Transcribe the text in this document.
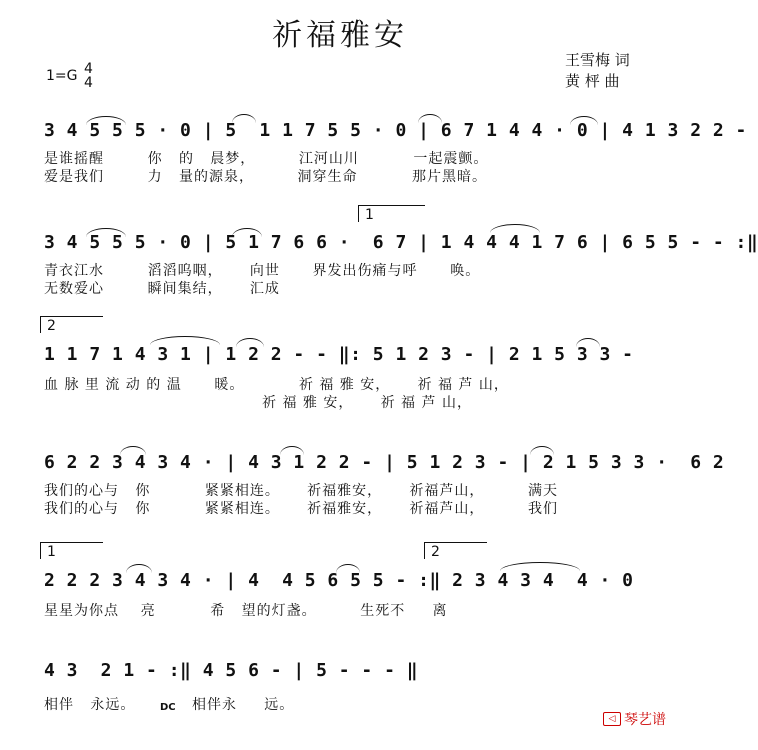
祈福雅安
1=G 4
4
王雪梅 词
黄 枰 曲
3 4 5 5 5 · 0 | 5  1 1 7 5 5 · 0 | 6 7 1 4 4 · 0 | 4 1 3 2 2 -
是谁摇醒        你   的   晨梦，        江河山川          一起震颤。
爱是我们        力   量的源泉，        洞穿生命          那片黑暗。
1
3 4 5 5 5 · 0 | 5 1 7 6 6 ·  6 7 | 1 4 4 4 1 7 6 | 6 5 5 - - :‖
青衣江水        滔滔呜咽，     向世      界发出伤痛与呼      唤。
无数爱心        瞬间集结，     汇成
2
1 1 7 1 4 3 1 | 1 2 2 - - ‖: 5 1 2 3 - | 2 1 5 3 3 -
血 脉 里 流 动 的 温      暖。          祈 福 雅 安，     祈 福 芦 山，
祈 福 雅 安，     祈 福 芦 山，
6 2 2 3 4 3 4 · | 4 3 1 2 2 - | 5 1 2 3 - | 2 1 5 3 3 ·  6 2
我们的心与   你          紧紧相连。     祈福雅安，     祈福芦山，        满天
我们的心与   你          紧紧相连。     祈福雅安，     祈福芦山，        我们
1	2
2 2 2 3 4 3 4 · | 4  4 5 6 5 5 - :‖ 2 3 4 3 4  4 · 0
星星为你点    亮          希   望的灯盏。        生死不     离
4 3  2 1 - :‖ 4 5 6 - | 5 - - - ‖
相伴   永远。	相伴永     远。
DC
◁ 琴艺谱
